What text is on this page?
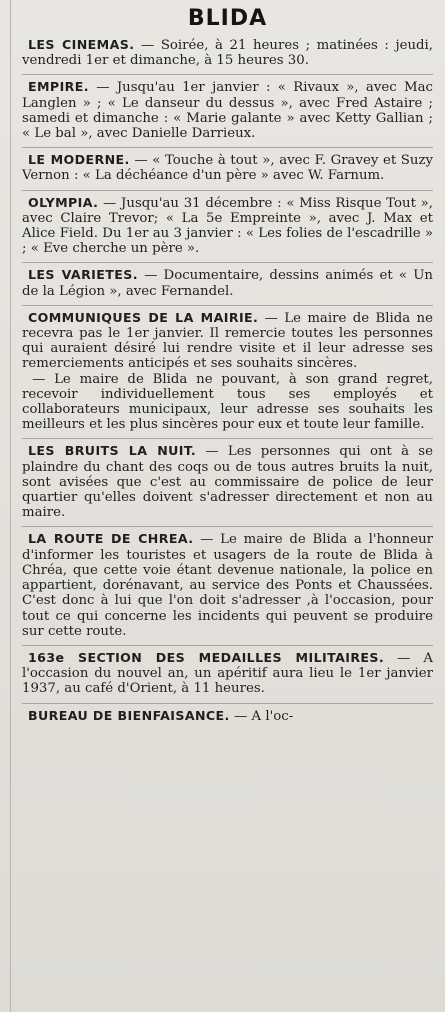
BLIDA

LES CINEMAS. — Soirée, à 21 heures ; matinées : jeudi, vendredi 1er et dimanche, à 15 heures 30.

EMPIRE. — Jusqu'au 1er janvier : « Rivaux », avec Mac Langlen » ; « Le danseur du dessus », avec Fred Astaire ; samedi et dimanche : « Marie galante » avec Ketty Gallian ; « Le bal », avec Danielle Darrieux.

LE MODERNE. — « Touche à tout », avec F. Gravey et Suzy Vernon : « La déchéance d'un père » avec W. Farnum.

OLYMPIA. — Jusqu'au 31 décembre : « Miss Risque Tout », avec Claire Trevor; « La 5e Empreinte », avec J. Max et Alice Field. Du 1er au 3 janvier : « Les folies de l'escadrille » ; « Eve cherche un père ».

LES VARIETES. — Documentaire, dessins animés et « Un de la Légion », avec Fernandel.

COMMUNIQUES DE LA MAIRIE. — Le maire de Blida ne recevra pas le 1er janvier. Il remercie toutes les personnes qui auraient désiré lui rendre visite et il leur adresse ses remerciements anticipés et ses souhaits sincères.

— Le maire de Blida ne pouvant, à son grand regret, recevoir individuellement tous ses employés et collaborateurs municipaux, leur adresse ses souhaits les meilleurs et les plus sincères pour eux et toute leur famille.

LES BRUITS LA NUIT. — Les personnes qui ont à se plaindre du chant des coqs ou de tous autres bruits la nuit, sont avisées que c'est au commissaire de police de leur quartier qu'elles doivent s'adresser directement et non au maire.

LA ROUTE DE CHREA. — Le maire de Blida a l'honneur d'informer les touristes et usagers de la route de Blida à Chréa, que cette voie étant devenue nationale, la police en appartient, dorénavant, au service des Ponts et Chaussées. C'est donc à lui que l'on doit s'adresser ,à l'occasion, pour tout ce qui concerne les incidents qui peuvent se produire sur cette route.

163e SECTION DES MEDAILLES MILITAIRES. — A l'occasion du nouvel an, un apéritif aura lieu le 1er janvier 1937, au café d'Orient, à 11 heures.

BUREAU DE BIENFAISANCE. — A l'oc-
